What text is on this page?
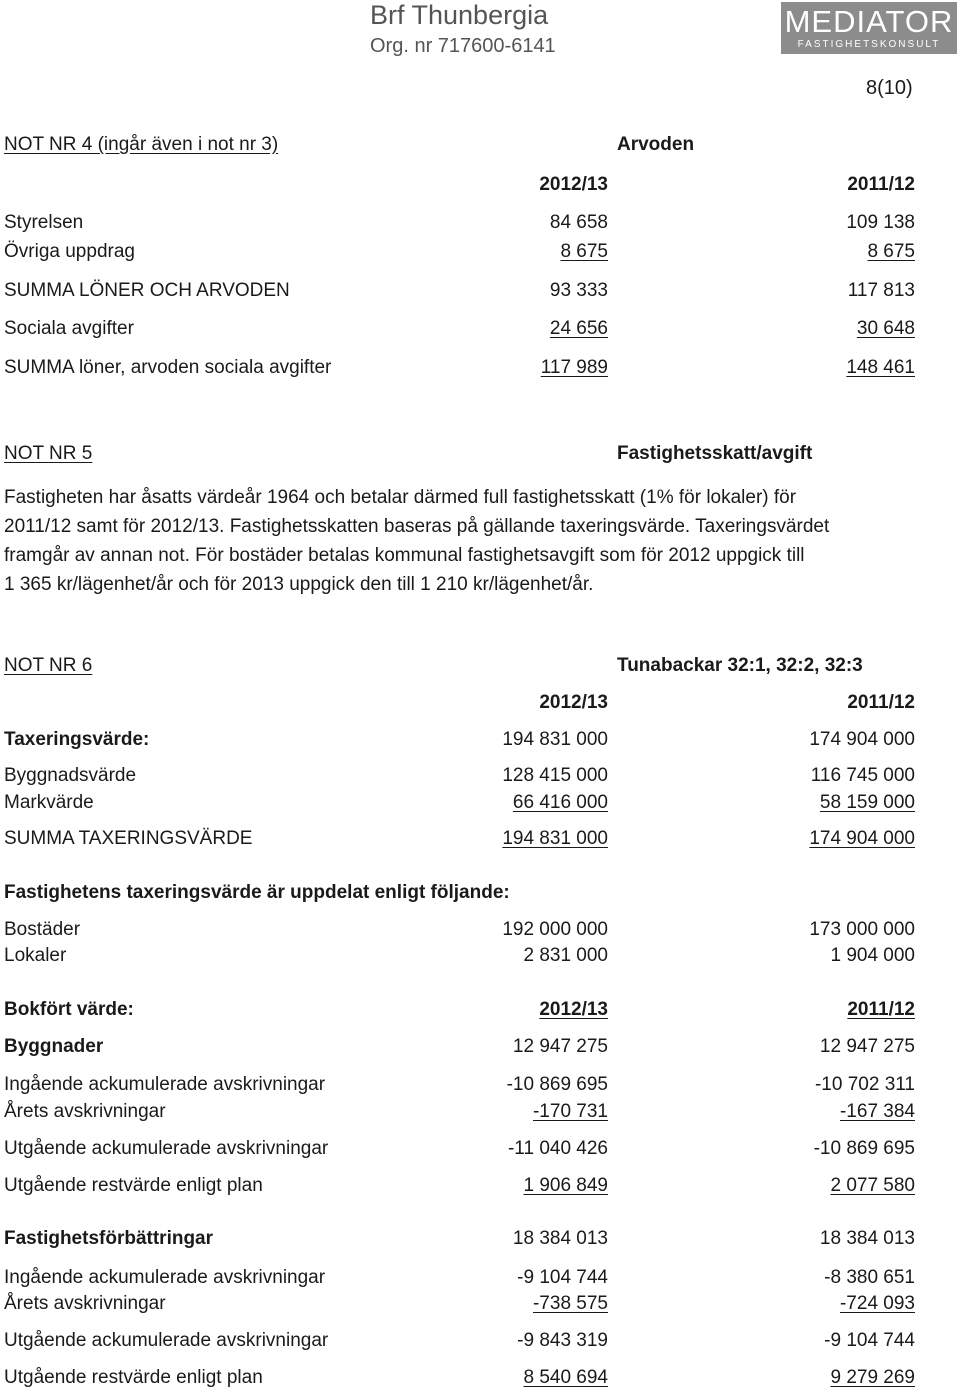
Brf Thunbergia
Org. nr 717600-6141
MEDIATOR
FASTIGHETSKONSULT
8(10)
NOT NR 4 (ingår även i not nr 3)	Arvoden
2012/13	2011/12
Styrelsen	84 658	109 138
Övriga uppdrag	8 675	8 675
SUMMA LÖNER OCH ARVODEN	93 333	117 813
Sociala avgifter	24 656	30 648
SUMMA löner, arvoden sociala avgifter	117 989	148 461
NOT NR 5	Fastighetsskatt/avgift

Fastigheten har åsatts värdeår 1964 och betalar därmed full fastighetsskatt (1% för lokaler) för

2011/12 samt för 2012/13. Fastighetsskatten baseras på gällande taxeringsvärde. Taxeringsvärdet

framgår av annan not. För bostäder betalas kommunal fastighetsavgift som för 2012 uppgick till

1 365 kr/lägenhet/år och för 2013 uppgick den till 1 210 kr/lägenhet/år.

NOT NR 6	Tunabackar 32:1, 32:2, 32:3
2012/13	2011/12
Taxeringsvärde:	194 831 000	174 904 000
Byggnadsvärde	128 415 000	116 745 000
Markvärde	66 416 000	58 159 000
SUMMA TAXERINGSVÄRDE	194 831 000	174 904 000
Fastighetens taxeringsvärde är uppdelat enligt följande:
Bostäder	192 000 000	173 000 000
Lokaler	2 831 000	1 904 000
Bokfört värde:	2012/13	2011/12
Byggnader	12 947 275	12 947 275
Ingående ackumulerade avskrivningar	-10 869 695	-10 702 311
Årets avskrivningar	-170 731	-167 384
Utgående ackumulerade avskrivningar	-11 040 426	-10 869 695
Utgående restvärde enligt plan	1 906 849	2 077 580
Fastighetsförbättringar	18 384 013	18 384 013
Ingående ackumulerade avskrivningar	-9 104 744	-8 380 651
Årets avskrivningar	-738 575	-724 093
Utgående ackumulerade avskrivningar	-9 843 319	-9 104 744
Utgående restvärde enligt plan	8 540 694	9 279 269
